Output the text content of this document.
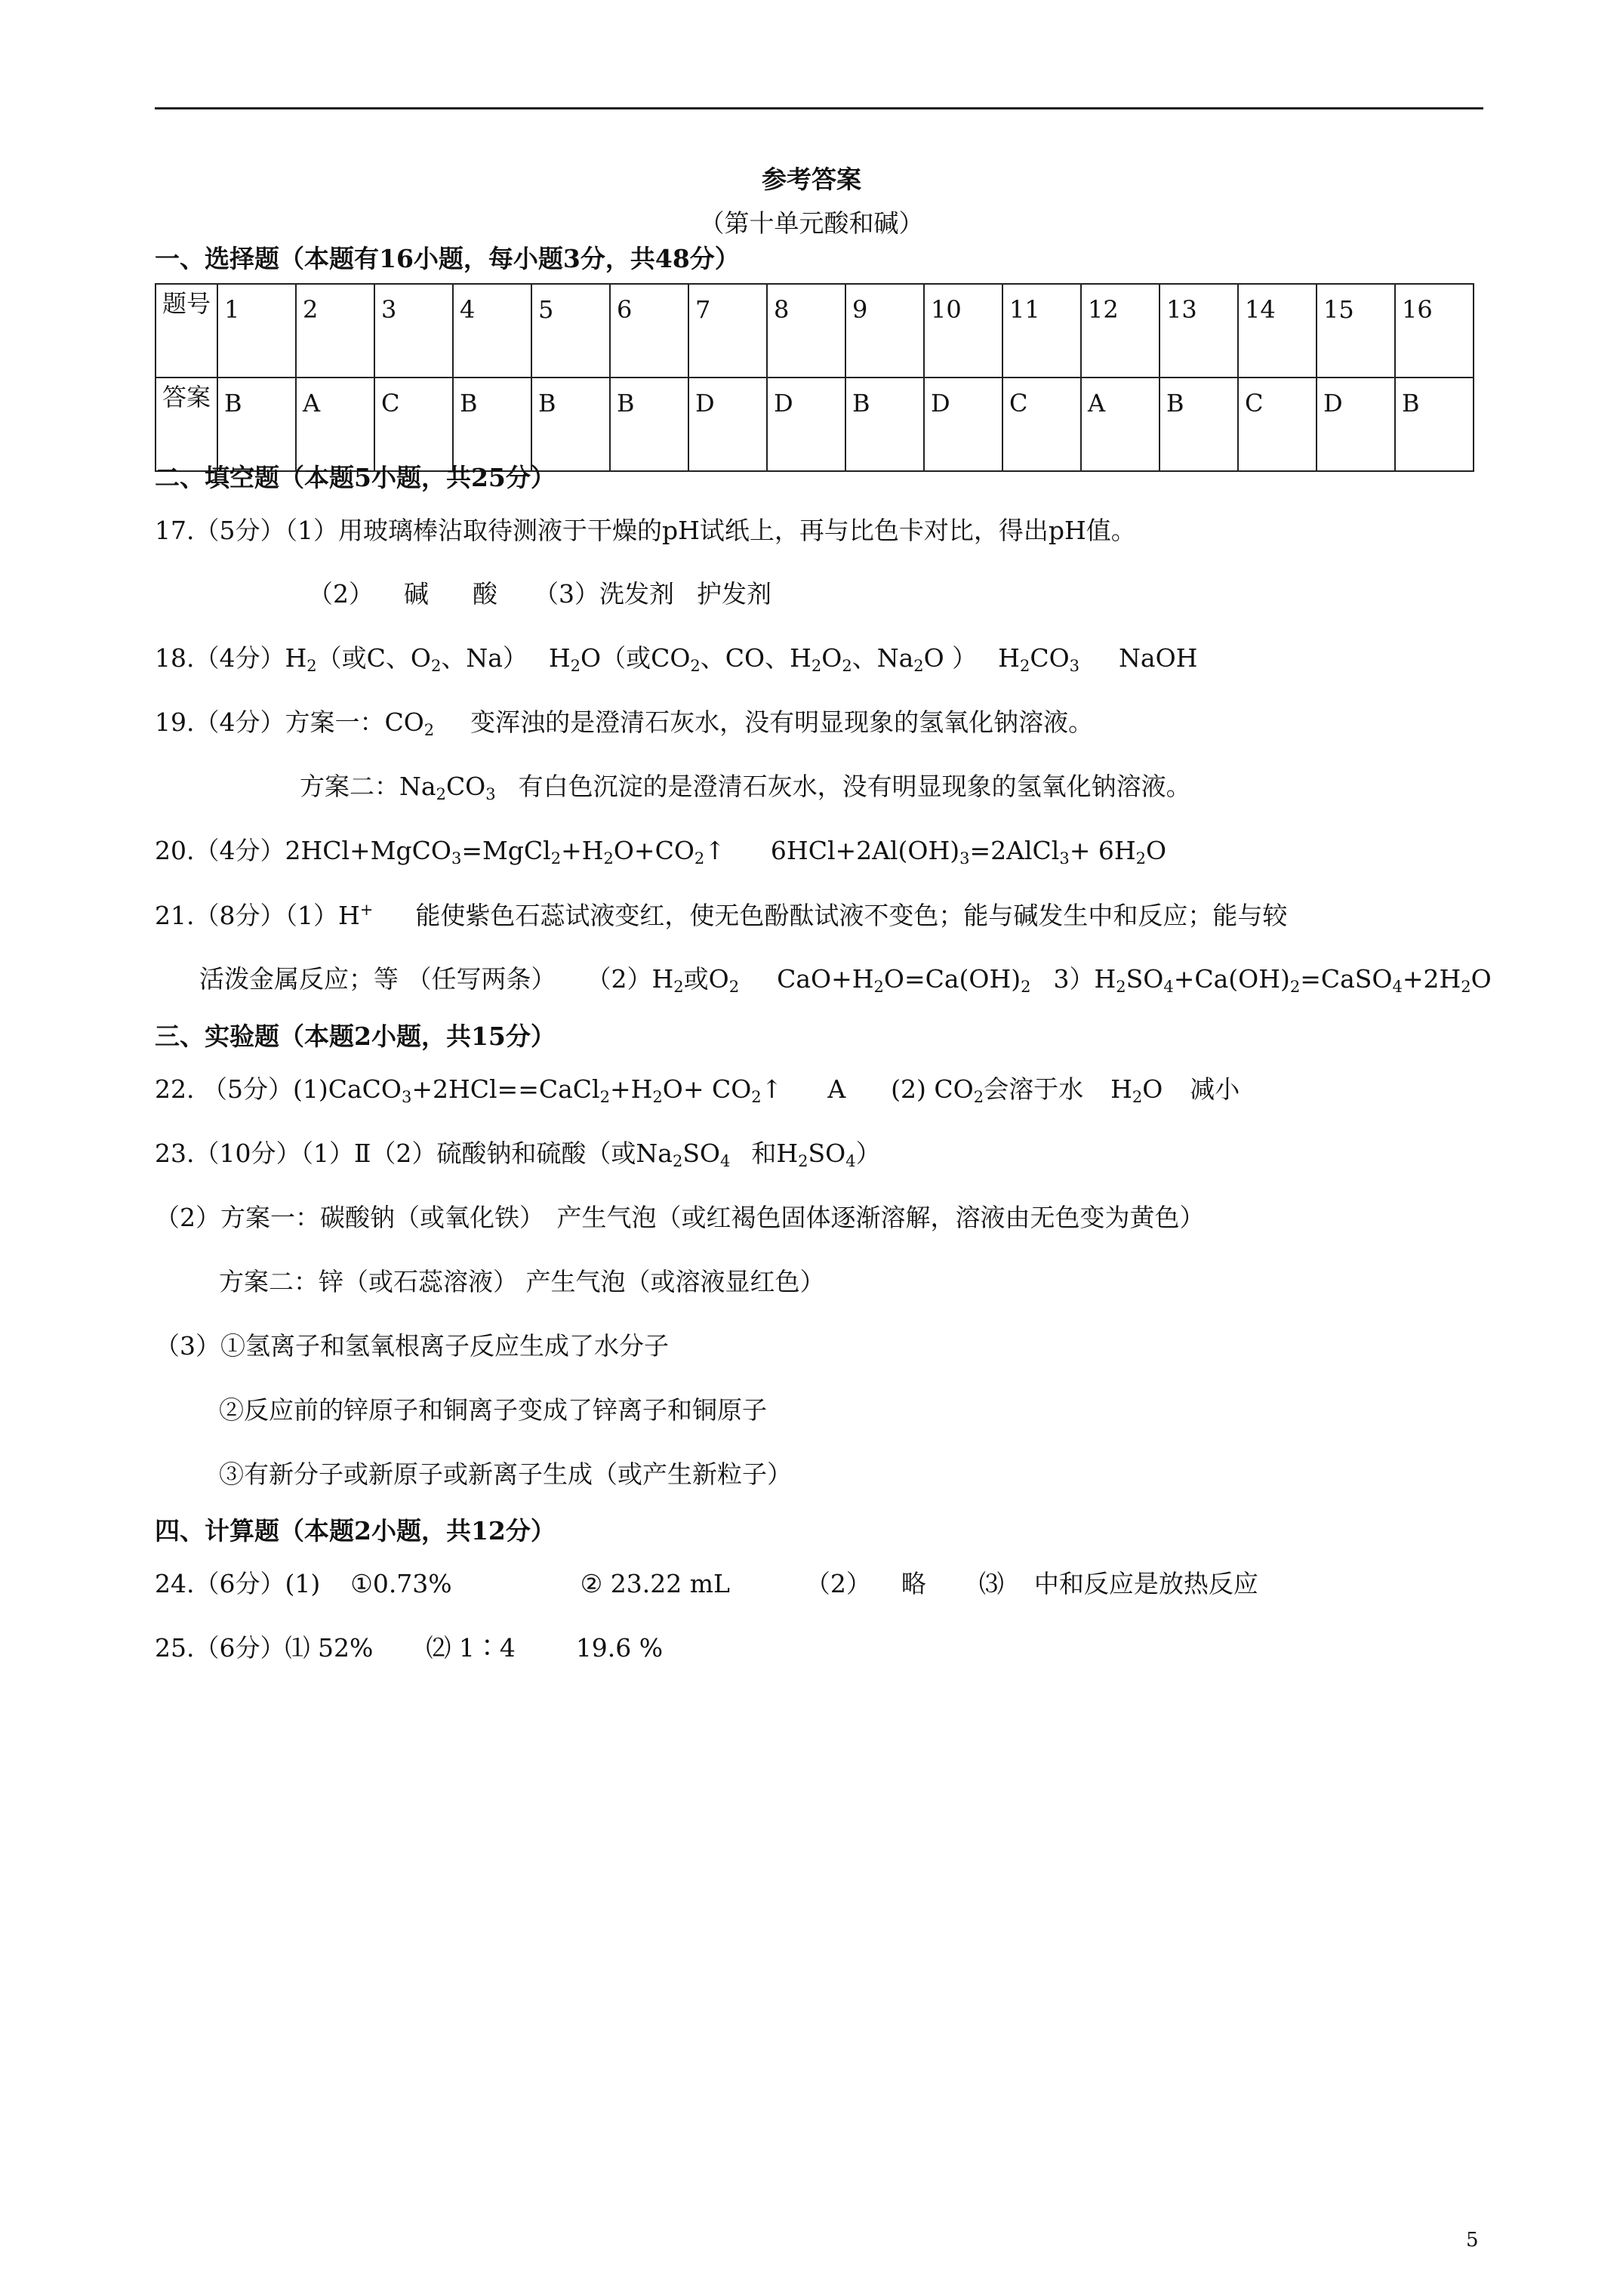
参考答案
（第十单元酸和碱）
一、选择题（本题有16小题，每小题3分，共48分）
题号	1	2	3	4	5	6	7	8	9	10	11	12	13	14	15	16
答案	B	A	C	B	B	B	D	D	B	D	C	A	B	C	D	B
二、填空题（本题5小题，共25分）
17.（5分）（1）用玻璃棒沾取待测液于干燥的pH试纸上，再与比色卡对比，得出pH值。
（2） 碱 酸 （3）洗发剂 护发剂
18.（4分）$H_2$（或C、$O_2$、Na） $H_2O$（或$CO_2$、CO、$H_2O_2$、$Na_2O$ ） $H_2CO_3$ NaOH
19.（4分）方案一：$CO_2$ 变浑浊的是澄清石灰水，没有明显现象的氢氧化钠溶液。
方案二：$Na_2CO_3$ 有白色沉淀的是澄清石灰水，没有明显现象的氢氧化钠溶液。
20.（4分）$2HCl+MgCO_3=MgCl_2+H_2O+CO_2↑$ $6HCl+2Al(OH)_3=2AlCl_3+ 6H_2O$
21.（8分）（1）H+ 能使紫色石蕊试液变红，使无色酚酞试液不变色；能与碱发生中和反应；能与较
活泼金属反应；等 （任写两条） $(2)H_2$或$O_2$ $CaO+H_2O=Ca(OH)_2$ $3)H_2SO_4+Ca(OH)_2=CaSO_4+2H_2O$
三、实验题（本题2小题，共15分）
22. （5分）$(1)CaCO_3+2HCl==CaCl_2+H_2O+$ $CO_2↑$ A (2) $CO_2$会溶于水 $H_2O$ 减小
23.（10分）（1）Ⅱ（2）硫酸钠和硫酸（或$Na_2SO_4$ 和$H_2SO_4$）
（2）方案一：碳酸钠（或氧化铁）　产生气泡（或红褐色固体逐渐溶解，溶液由无色变为黄色）
方案二：锌（或石蕊溶液） 产生气泡（或溶液显红色）
（3）①氢离子和氢氧根离子反应生成了水分子
②反应前的锌原子和铜离子变成了锌离子和铜原子
③有新分子或新原子或新离子生成（或产生新粒子）
四、计算题（本题2小题，共12分）
24.（6分）(1) ①0.73%	② 23.22 mL	（2） 略 ⑶ 中和反应是放热反应
25.（6分）⑴ 52% ⑵ 1∶4 19.6 %
5
